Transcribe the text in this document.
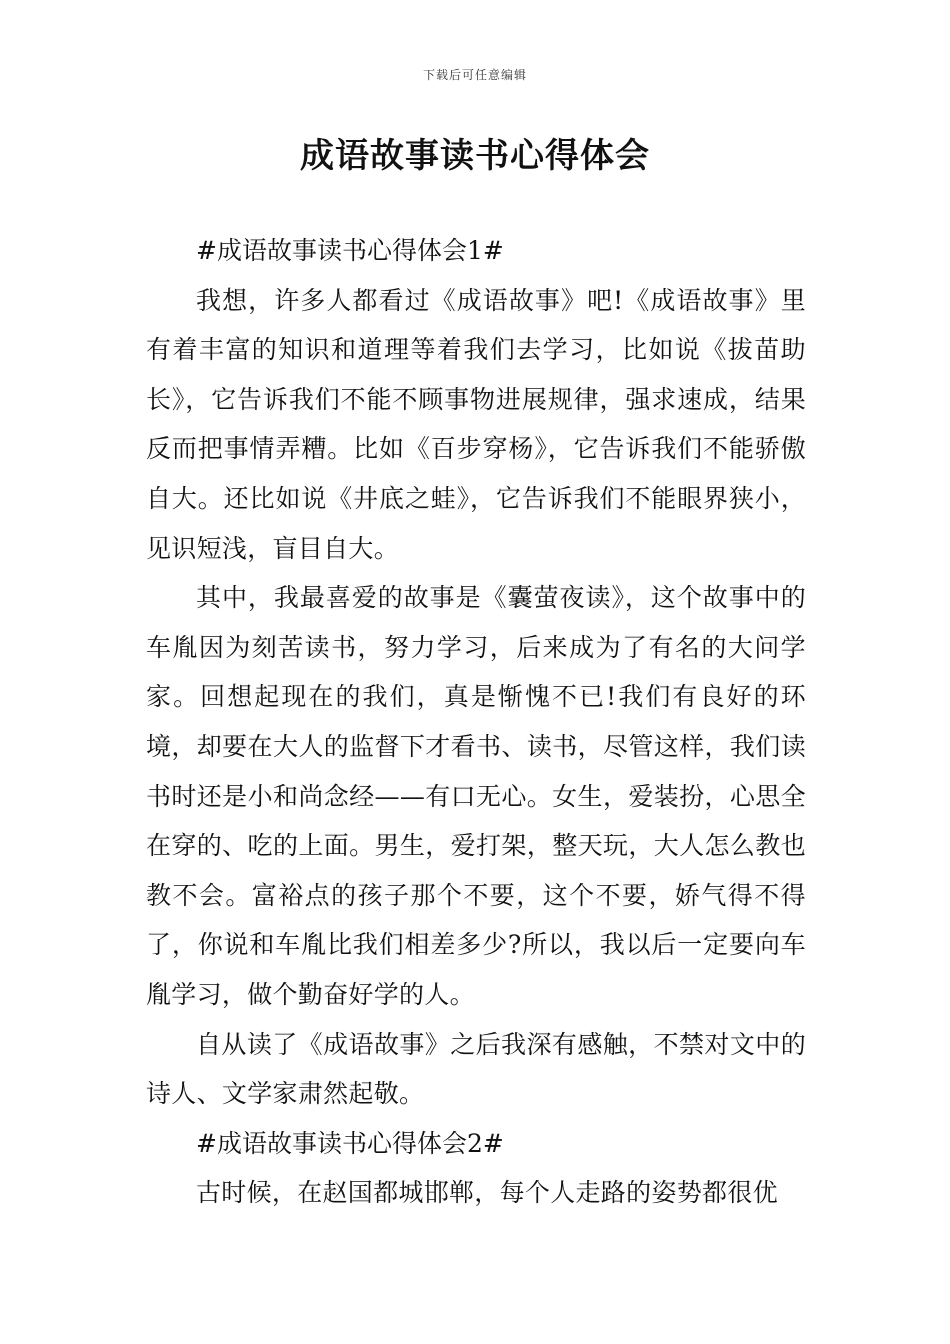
下载后可任意编辑
成语故事读书心得体会

#成语故事读书心得体会1#

我想，许多人都看过《成语故事》吧!《成语故事》里有着丰富的知识和道理等着我们去学习，比如说《拔苗助长》，它告诉我们不能不顾事物进展规律，强求速成，结果反而把事情弄糟。比如《百步穿杨》，它告诉我们不能骄傲自大。还比如说《井底之蛙》，它告诉我们不能眼界狭小，见识短浅，盲目自大。

其中，我最喜爱的故事是《囊萤夜读》，这个故事中的车胤因为刻苦读书，努力学习，后来成为了有名的大问学家。回想起现在的我们，真是惭愧不已!我们有良好的环境，却要在大人的监督下才看书、读书，尽管这样，我们读书时还是小和尚念经——有口无心。女生，爱装扮，心思全在穿的、吃的上面。男生，爱打架，整天玩，大人怎么教也教不会。富裕点的孩子那个不要，这个不要，娇气得不得了，你说和车胤比我们相差多少?所以，我以后一定要向车胤学习，做个勤奋好学的人。

自从读了《成语故事》之后我深有感触，不禁对文中的诗人、文学家肃然起敬。

#成语故事读书心得体会2#

古时候，在赵国都城邯郸，每个人走路的姿势都很优
